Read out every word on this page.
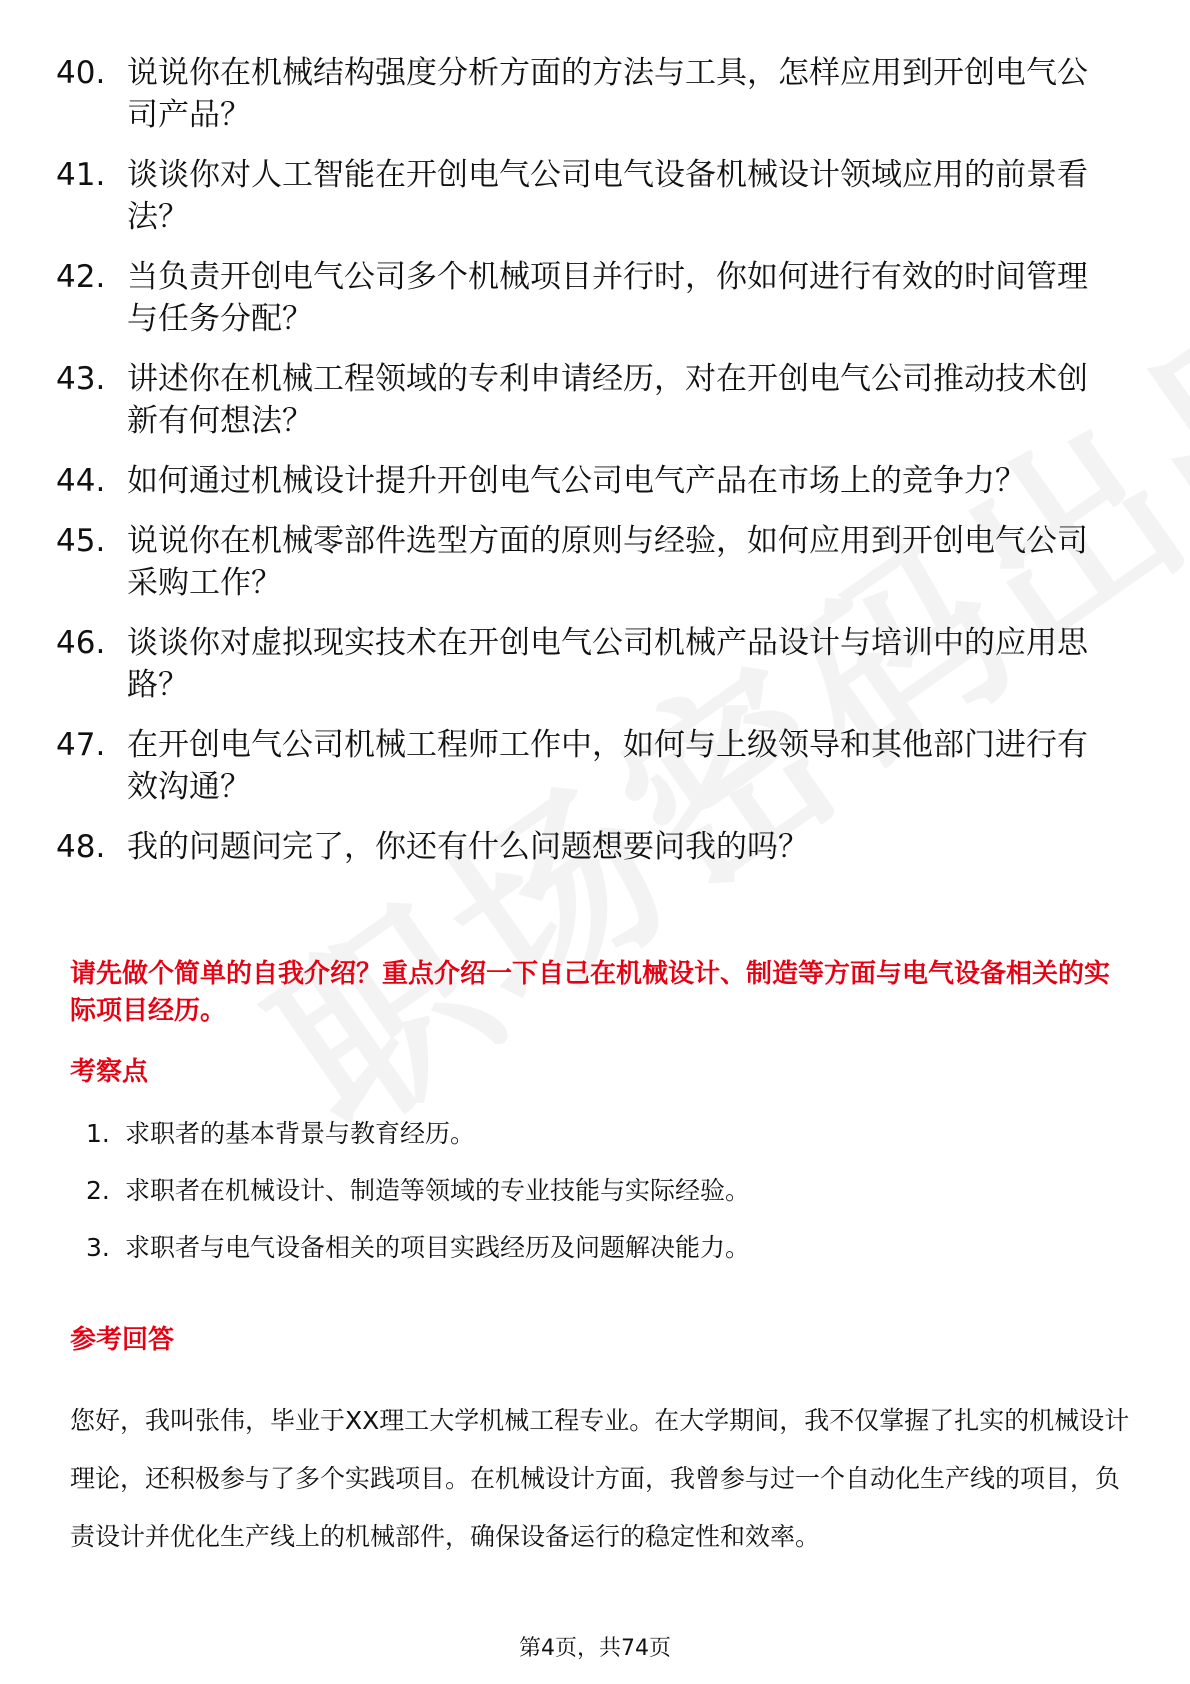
40. 说说你在机械结构强度分析方面的方法与工具，怎样应用到开创电气公司产品？
41. 谈谈你对人工智能在开创电气公司电气设备机械设计领域应用的前景看法？
42. 当负责开创电气公司多个机械项目并行时，你如何进行有效的时间管理与任务分配？
43. 讲述你在机械工程领域的专利申请经历，对在开创电气公司推动技术创新有何想法？
44. 如何通过机械设计提升开创电气公司电气产品在市场上的竞争力？
45. 说说你在机械零部件选型方面的原则与经验，如何应用到开创电气公司采购工作？
46. 谈谈你对虚拟现实技术在开创电气公司机械产品设计与培训中的应用思路？
47. 在开创电气公司机械工程师工作中，如何与上级领导和其他部门进行有效沟通？
48. 我的问题问完了，你还有什么问题想要问我的吗？
请先做个简单的自我介绍？重点介绍一下自己在机械设计、制造等方面与电气设备相关的实际项目经历。
考察点
1. 求职者的基本背景与教育经历。
2. 求职者在机械设计、制造等领域的专业技能与实际经验。
3. 求职者与电气设备相关的项目实践经历及问题解决能力。
参考回答
您好，我叫张伟，毕业于XX理工大学机械工程专业。在大学期间，我不仅掌握了扎实的机械设计理论，还积极参与了多个实践项目。在机械设计方面，我曾参与过一个自动化生产线的项目，负责设计并优化生产线上的机械部件，确保设备运行的稳定性和效率。
第4页，共74页
